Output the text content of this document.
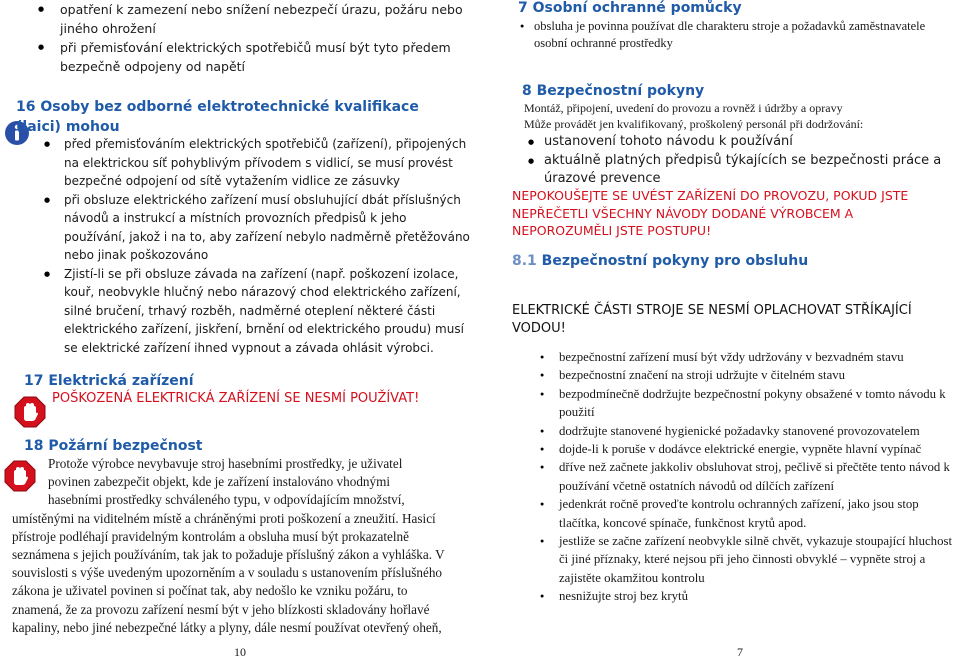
● opatření k zamezení nebo snížení nebezpečí úrazu, požáru nebo jiného ohrožení
● při přemisťování elektrických spotřebičů musí být tyto předem bezpečně odpojeny od napětí
16 Osoby bez odborné elektrotechnické kvalifikace (laici) mohou
● před přemisťováním elektrických spotřebičů (zařízení), připojených na elektrickou síť pohyblivým přívodem s vidlicí, se musí provést bezpečné odpojení od sítě vytažením vidlice ze zásuvky
● při obsluze elektrického zařízení musí obsluhující dbát příslušných návodů a instrukcí a místních provozních předpisů k jeho používání, jakož i na to, aby zařízení nebylo nadměrně přetěžováno nebo jinak poškozováno
● Zjistí-li se při obsluze závada na zařízení (např. poškození izolace, kouř, neobvykle hlučný nebo nárazový chod elektrického zařízení, silné bručení, trhavý rozběh, nadměrné oteplení některé části elektrického zařízení, jiskření, brnění od elektrického proudu) musí se elektrické zařízení ihned vypnout a závada ohlásit výrobci.
17 Elektrická zařízení
POŠKOZENÁ ELEKTRICKÁ ZAŘÍZENÍ SE NESMÍ POUŽÍVAT!
18 Požární bezpečnost
Protože výrobce nevybavuje stroj hasebními prostředky, je uživatel
povinen zabezpečit objekt, kde je zařízení instalováno vhodnými
hasebními prostředky schváleného typu, v odpovídajícím množství,
umístěnými na viditelném místě a chráněnými proti poškození a zneužití. Hasicí přístroje podléhají pravidelným kontrolám a obsluha musí být prokazatelně seznámena s jejich používáním, tak jak to požaduje příslušný zákon a vyhláška. V souvislosti s výše uvedeným upozorněním a v souladu s ustanovením příslušného zákona je uživatel povinen si počínat tak, aby nedošlo ke vzniku požáru, to znamená, že za provozu zařízení nesmí být v jeho blízkosti skladovány hořlavé kapaliny, nebo jiné nebezpečné látky a plyny, dále nesmí používat otevřený oheň,
10
7 Osobní ochranné pomůcky
● obsluha je povinna používat dle charakteru stroje a požadavků zaměstnavatele osobní ochranné prostředky
8 Bezpečnostní pokyny
Montáž, připojení, uvedení do provozu a rovněž i údržby a opravy
Může provádět jen kvalifikovaný, proškolený personál při dodržování:
● ustanovení tohoto návodu k používání
● aktuálně platných předpisů týkajících se bezpečnosti práce a úrazové prevence
NEPOKOUŠEJTE SE UVÉST ZAŘÍZENÍ DO PROVOZU, POKUD JSTE NEPŘEČETLI VŠECHNY NÁVODY DODANÉ VÝROBCEM A NEPOROZUMĚLI JSTE POSTUPU!
8.1 Bezpečnostní pokyny pro obsluhu
ELEKTRICKÉ ČÁSTI STROJE SE NESMÍ OPLACHOVAT STŘÍKAJÍCÍ VODOU!
● bezpečnostní zařízení musí být vždy udržovány v bezvadném stavu
● bezpečnostní značení na stroji udržujte v čitelném stavu
● bezpodmínečně dodržujte bezpečnostní pokyny obsažené v tomto návodu k použití
● dodržujte stanovené hygienické požadavky stanovené provozovatelem
● dojde-li k poruše v dodávce elektrické energie, vypněte hlavní vypínač
● dříve než začnete jakkoliv obsluhovat stroj, pečlivě si přečtěte tento návod k používání včetně ostatních návodů od dílčích zařízení
● jedenkrát ročně proveďte kontrolu ochranných zařízení, jako jsou stop tlačítka, koncové spínače, funkčnost krytů apod.
● jestliže se začne zařízení neobvykle silně chvět, vykazuje stoupající hluchost či jiné příznaky, které nejsou při jeho činnosti obvyklé – vypněte stroj a zajistěte okamžitou kontrolu
● nesnižujte stroj bez krytů
7
